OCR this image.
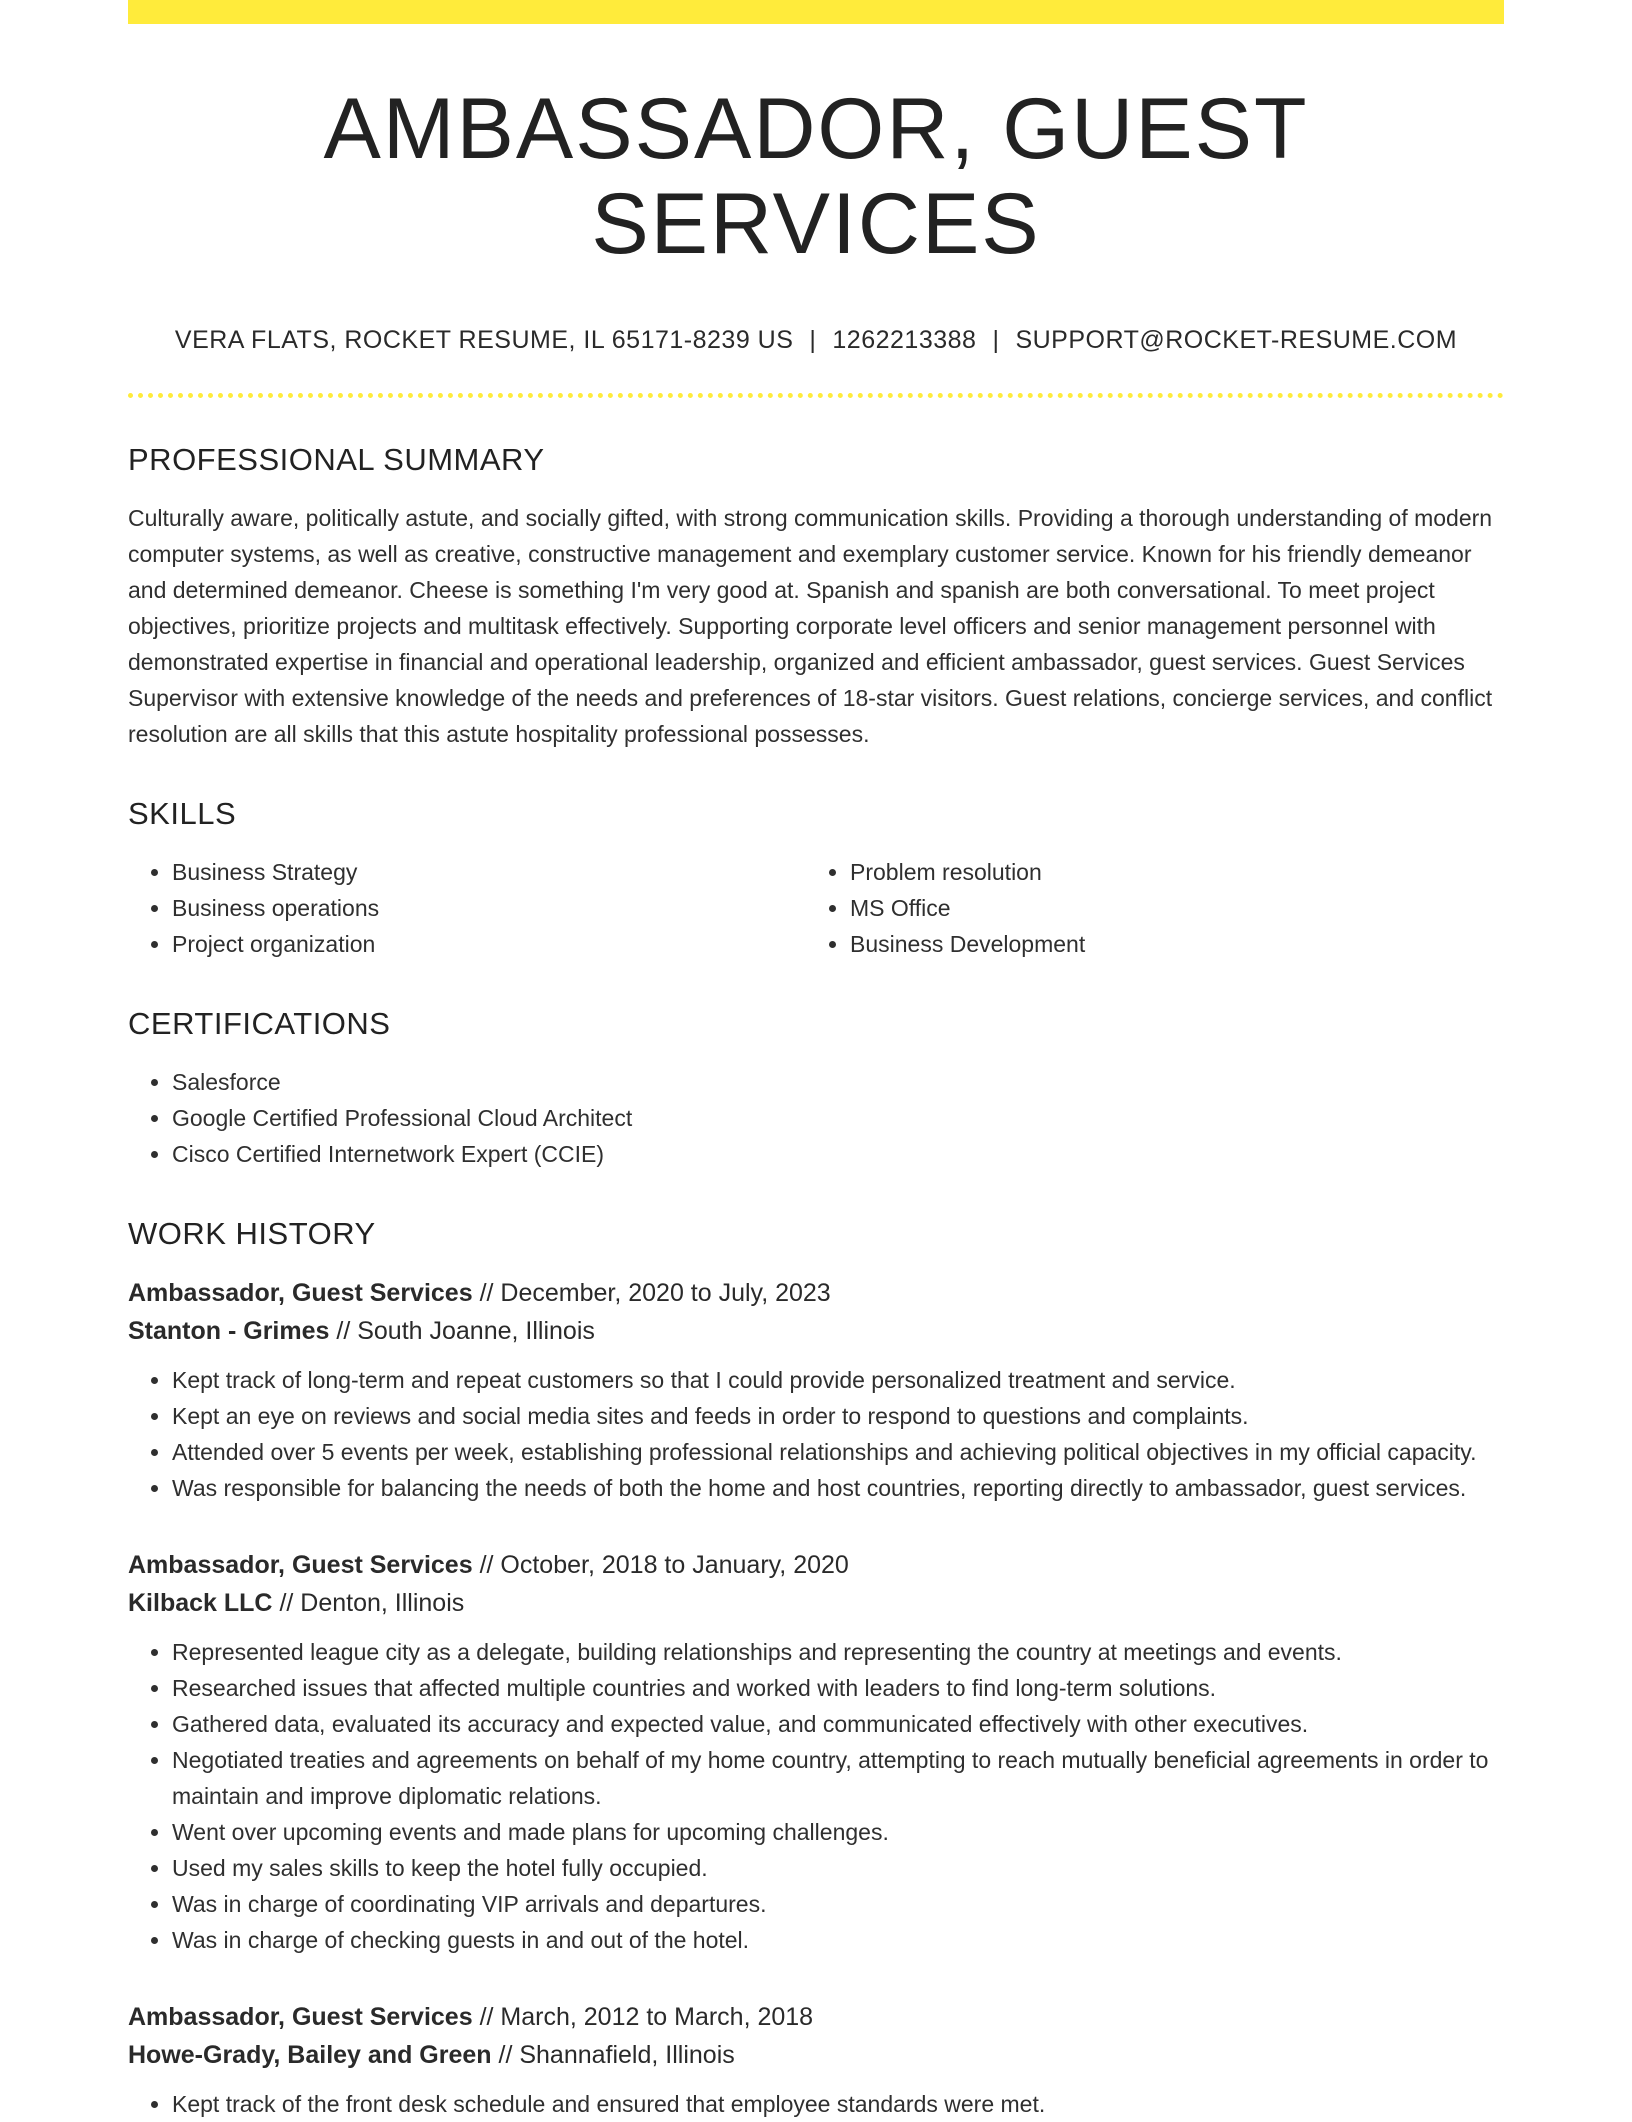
AMBASSADOR, GUEST SERVICES
VERA FLATS, ROCKET RESUME, IL 65171-8239 US | 1262213388 | SUPPORT@ROCKET-RESUME.COM
PROFESSIONAL SUMMARY
Culturally aware, politically astute, and socially gifted, with strong communication skills. Providing a thorough understanding of modern computer systems, as well as creative, constructive management and exemplary customer service. Known for his friendly demeanor and determined demeanor. Cheese is something I'm very good at. Spanish and spanish are both conversational. To meet project objectives, prioritize projects and multitask effectively. Supporting corporate level officers and senior management personnel with demonstrated expertise in financial and operational leadership, organized and efficient ambassador, guest services. Guest Services Supervisor with extensive knowledge of the needs and preferences of 18-star visitors. Guest relations, concierge services, and conflict resolution are all skills that this astute hospitality professional possesses.
SKILLS
• Business Strategy
• Business operations
• Project organization
• Problem resolution
• MS Office
• Business Development
CERTIFICATIONS
• Salesforce
• Google Certified Professional Cloud Architect
• Cisco Certified Internetwork Expert (CCIE)
WORK HISTORY
Ambassador, Guest Services // December, 2020 to July, 2023
Stanton - Grimes // South Joanne, Illinois
• Kept track of long-term and repeat customers so that I could provide personalized treatment and service.
• Kept an eye on reviews and social media sites and feeds in order to respond to questions and complaints.
• Attended over 5 events per week, establishing professional relationships and achieving political objectives in my official capacity.
• Was responsible for balancing the needs of both the home and host countries, reporting directly to ambassador, guest services.
Ambassador, Guest Services // October, 2018 to January, 2020
Kilback LLC // Denton, Illinois
• Represented league city as a delegate, building relationships and representing the country at meetings and events.
• Researched issues that affected multiple countries and worked with leaders to find long-term solutions.
• Gathered data, evaluated its accuracy and expected value, and communicated effectively with other executives.
• Negotiated treaties and agreements on behalf of my home country, attempting to reach mutually beneficial agreements in order to maintain and improve diplomatic relations.
• Went over upcoming events and made plans for upcoming challenges.
• Used my sales skills to keep the hotel fully occupied.
• Was in charge of coordinating VIP arrivals and departures.
• Was in charge of checking guests in and out of the hotel.
Ambassador, Guest Services // March, 2012 to March, 2018
Howe-Grady, Bailey and Green // Shannafield, Illinois
• Kept track of the front desk schedule and ensured that employee standards were met.
